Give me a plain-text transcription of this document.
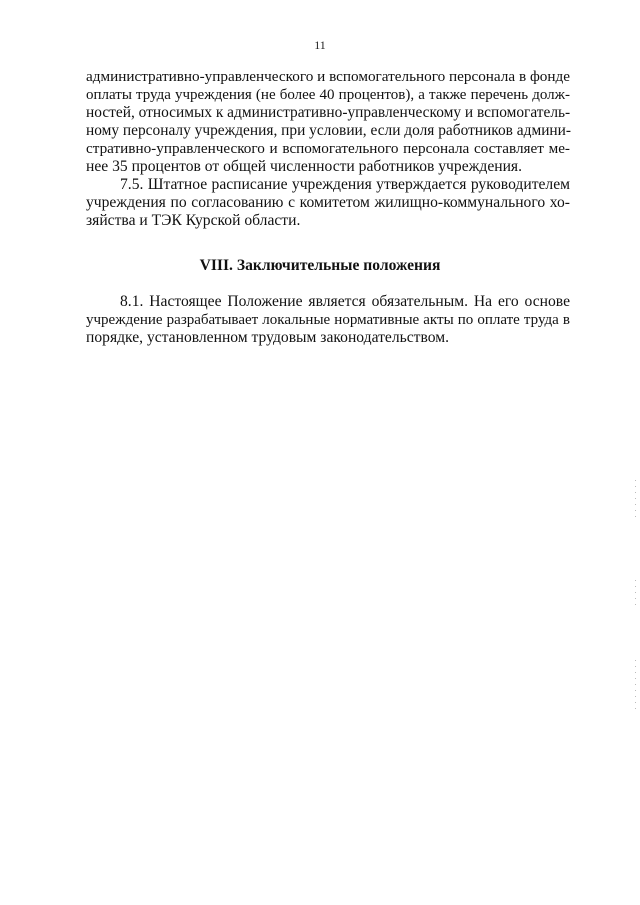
11
административно-управленческого и вспомогательного персонала в фонде
оплаты труда учреждения (не более 40 процентов), а также перечень долж-
ностей, относимых к административно-управленческому и вспомогатель-
ному персоналу учреждения, при условии, если доля работников админи-
стративно-управленческого и вспомогательного персонала составляет ме-
нее 35 процентов от общей численности работников учреждения.
7.5. Штатное расписание учреждения утверждается руководителем
учреждения по согласованию с комитетом жилищно-коммунального хо-
зяйства и ТЭК Курской области.
VIII. Заключительные положения
8.1. Настоящее Положение является обязательным. На его основе
учреждение разрабатывает локальные нормативные акты по оплате труда в
порядке, установленном трудовым законодательством.
